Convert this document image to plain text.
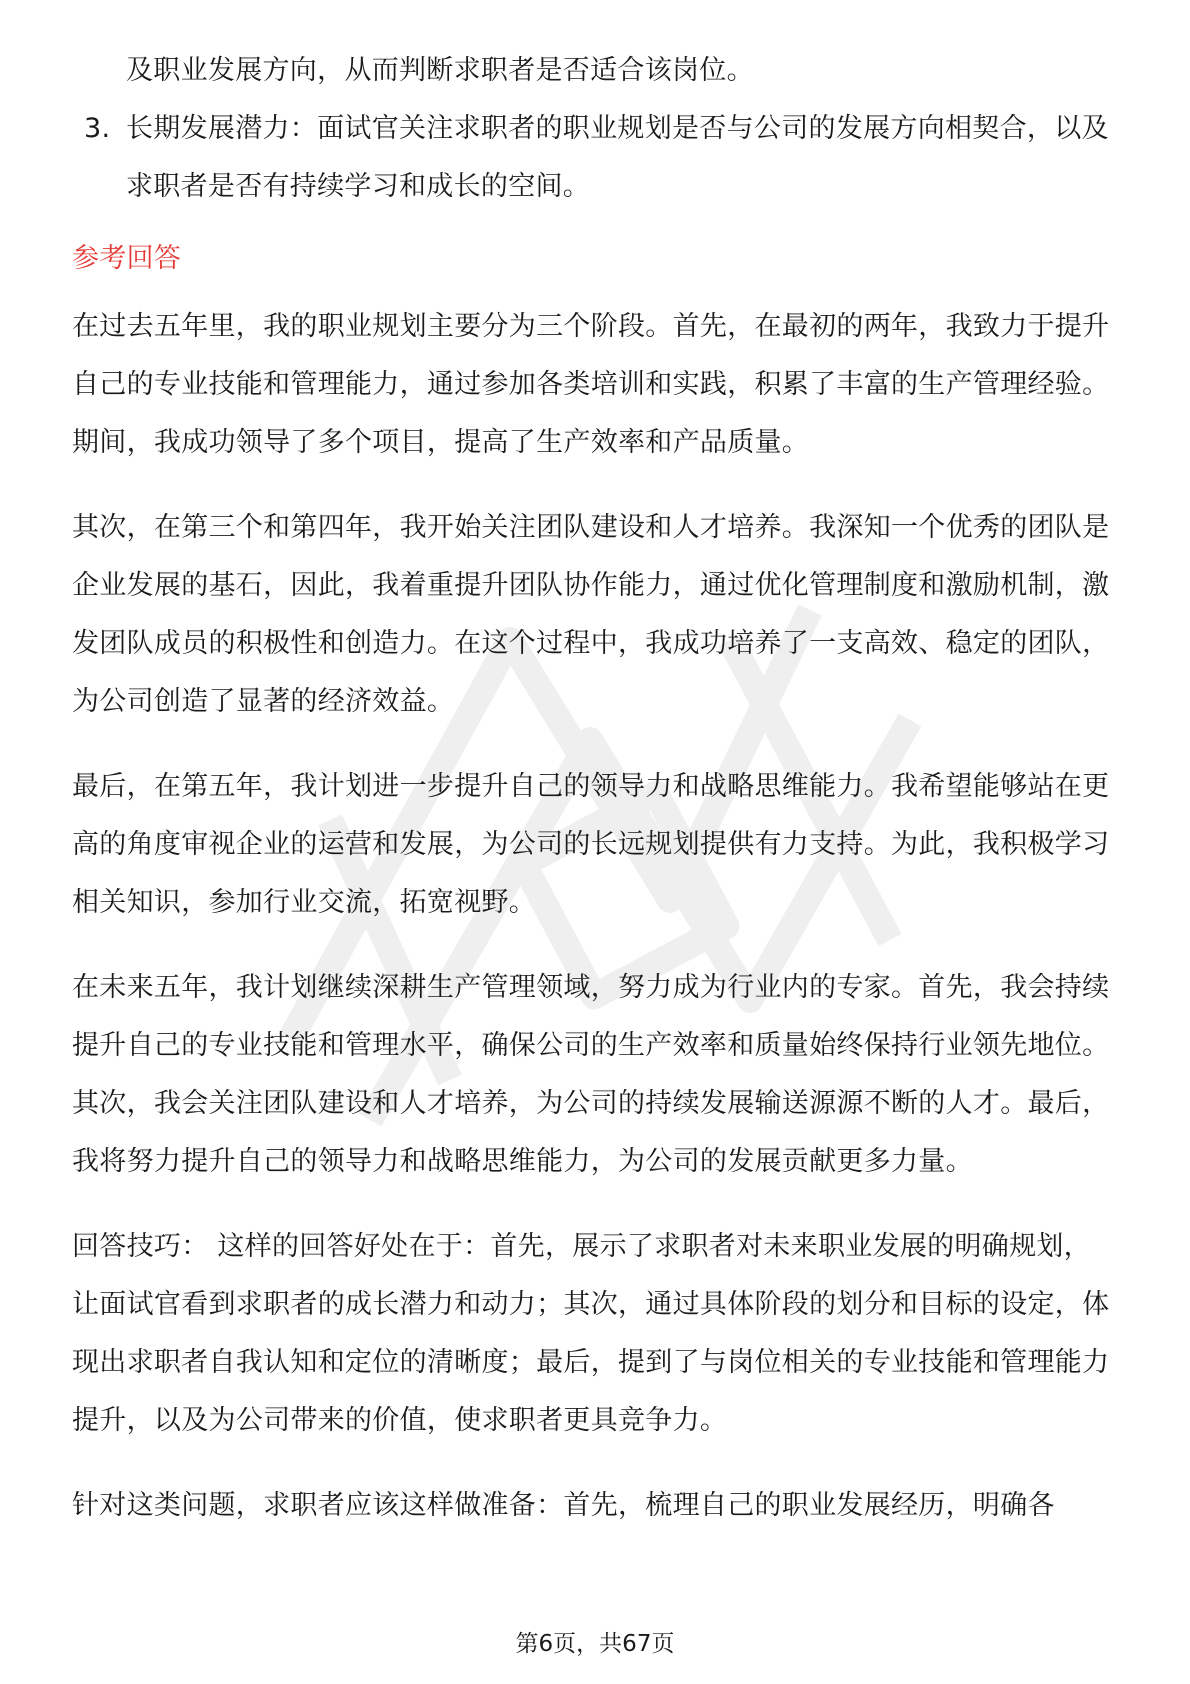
及职业发展方向，从而判断求职者是否适合该岗位。

3. 长期发展潜力：面试官关注求职者的职业规划是否与公司的发展方向相契合，以及求职者是否有持续学习和成长的空间。

参考回答

在过去五年里，我的职业规划主要分为三个阶段。首先，在最初的两年，我致力于提升自己的专业技能和管理能力，通过参加各类培训和实践，积累了丰富的生产管理经验。期间，我成功领导了多个项目，提高了生产效率和产品质量。

其次，在第三个和第四年，我开始关注团队建设和人才培养。我深知一个优秀的团队是企业发展的基石，因此，我着重提升团队协作能力，通过优化管理制度和激励机制，激发团队成员的积极性和创造力。在这个过程中，我成功培养了一支高效、稳定的团队，为公司创造了显著的经济效益。

最后，在第五年，我计划进一步提升自己的领导力和战略思维能力。我希望能够站在更高的角度审视企业的运营和发展，为公司的长远规划提供有力支持。为此，我积极学习相关知识，参加行业交流，拓宽视野。

在未来五年，我计划继续深耕生产管理领域，努力成为行业内的专家。首先，我会持续提升自己的专业技能和管理水平，确保公司的生产效率和质量始终保持行业领先地位。其次，我会关注团队建设和人才培养，为公司的持续发展输送源源不断的人才。最后，我将努力提升自己的领导力和战略思维能力，为公司的发展贡献更多力量。

回答技巧： 这样的回答好处在于：首先，展示了求职者对未来职业发展的明确规划，让面试官看到求职者的成长潜力和动力；其次，通过具体阶段的划分和目标的设定，体现出求职者自我认知和定位的清晰度；最后，提到了与岗位相关的专业技能和管理能力提升，以及为公司带来的价值，使求职者更具竞争力。

针对这类问题，求职者应该这样做准备：首先，梳理自己的职业发展经历，明确各

第6页，共67页
